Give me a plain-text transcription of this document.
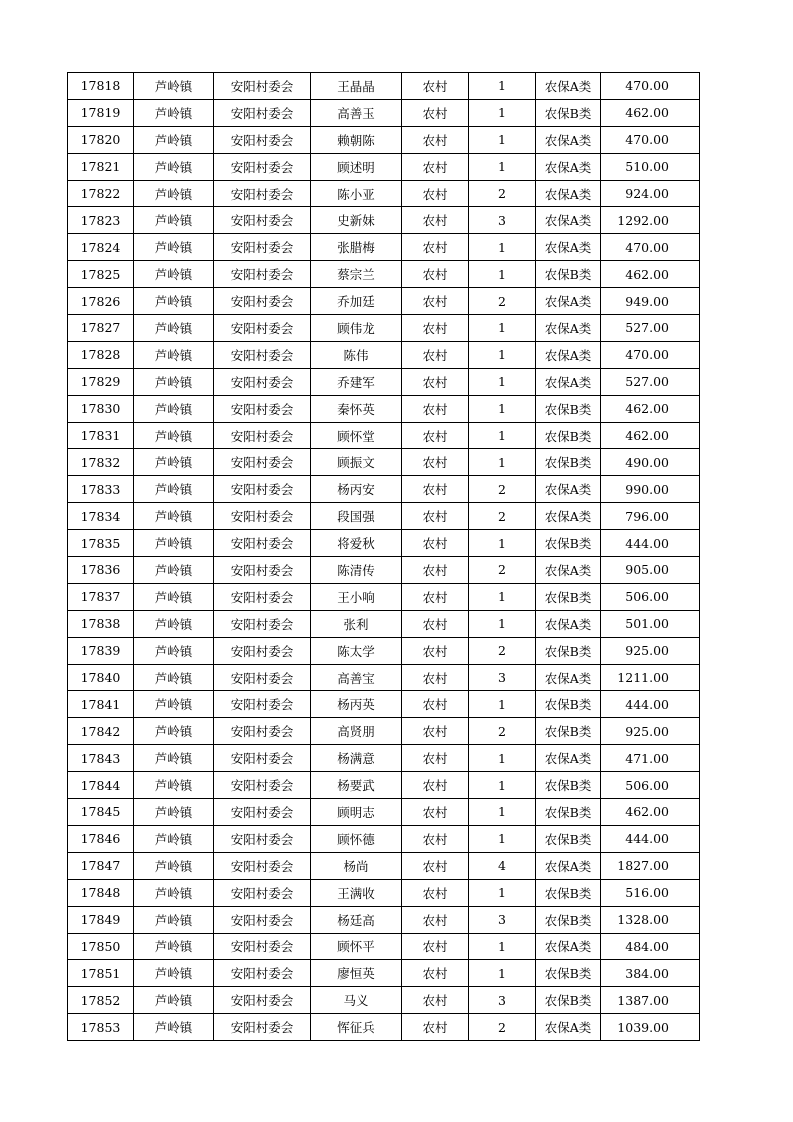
17818	芦岭镇	安阳村委会	王晶晶	农村	1	农保A类	470.00
17819	芦岭镇	安阳村委会	高善玉	农村	1	农保B类	462.00
17820	芦岭镇	安阳村委会	赖朝陈	农村	1	农保A类	470.00
17821	芦岭镇	安阳村委会	顾述明	农村	1	农保A类	510.00
17822	芦岭镇	安阳村委会	陈小亚	农村	2	农保A类	924.00
17823	芦岭镇	安阳村委会	史新妹	农村	3	农保A类	1292.00
17824	芦岭镇	安阳村委会	张腊梅	农村	1	农保A类	470.00
17825	芦岭镇	安阳村委会	蔡宗兰	农村	1	农保B类	462.00
17826	芦岭镇	安阳村委会	乔加廷	农村	2	农保A类	949.00
17827	芦岭镇	安阳村委会	顾伟龙	农村	1	农保A类	527.00
17828	芦岭镇	安阳村委会	陈伟	农村	1	农保A类	470.00
17829	芦岭镇	安阳村委会	乔建军	农村	1	农保A类	527.00
17830	芦岭镇	安阳村委会	秦怀英	农村	1	农保B类	462.00
17831	芦岭镇	安阳村委会	顾怀堂	农村	1	农保B类	462.00
17832	芦岭镇	安阳村委会	顾振文	农村	1	农保B类	490.00
17833	芦岭镇	安阳村委会	杨丙安	农村	2	农保A类	990.00
17834	芦岭镇	安阳村委会	段国强	农村	2	农保A类	796.00
17835	芦岭镇	安阳村委会	将爱秋	农村	1	农保B类	444.00
17836	芦岭镇	安阳村委会	陈清传	农村	2	农保A类	905.00
17837	芦岭镇	安阳村委会	王小响	农村	1	农保B类	506.00
17838	芦岭镇	安阳村委会	张利	农村	1	农保A类	501.00
17839	芦岭镇	安阳村委会	陈太学	农村	2	农保B类	925.00
17840	芦岭镇	安阳村委会	高善宝	农村	3	农保A类	1211.00
17841	芦岭镇	安阳村委会	杨丙英	农村	1	农保B类	444.00
17842	芦岭镇	安阳村委会	高贤朋	农村	2	农保B类	925.00
17843	芦岭镇	安阳村委会	杨满意	农村	1	农保A类	471.00
17844	芦岭镇	安阳村委会	杨要武	农村	1	农保B类	506.00
17845	芦岭镇	安阳村委会	顾明志	农村	1	农保B类	462.00
17846	芦岭镇	安阳村委会	顾怀德	农村	1	农保B类	444.00
17847	芦岭镇	安阳村委会	杨尚	农村	4	农保A类	1827.00
17848	芦岭镇	安阳村委会	王满收	农村	1	农保B类	516.00
17849	芦岭镇	安阳村委会	杨廷高	农村	3	农保B类	1328.00
17850	芦岭镇	安阳村委会	顾怀平	农村	1	农保A类	484.00
17851	芦岭镇	安阳村委会	廖恒英	农村	1	农保B类	384.00
17852	芦岭镇	安阳村委会	马义	农村	3	农保B类	1387.00
17853	芦岭镇	安阳村委会	恽征兵	农村	2	农保A类	1039.00
